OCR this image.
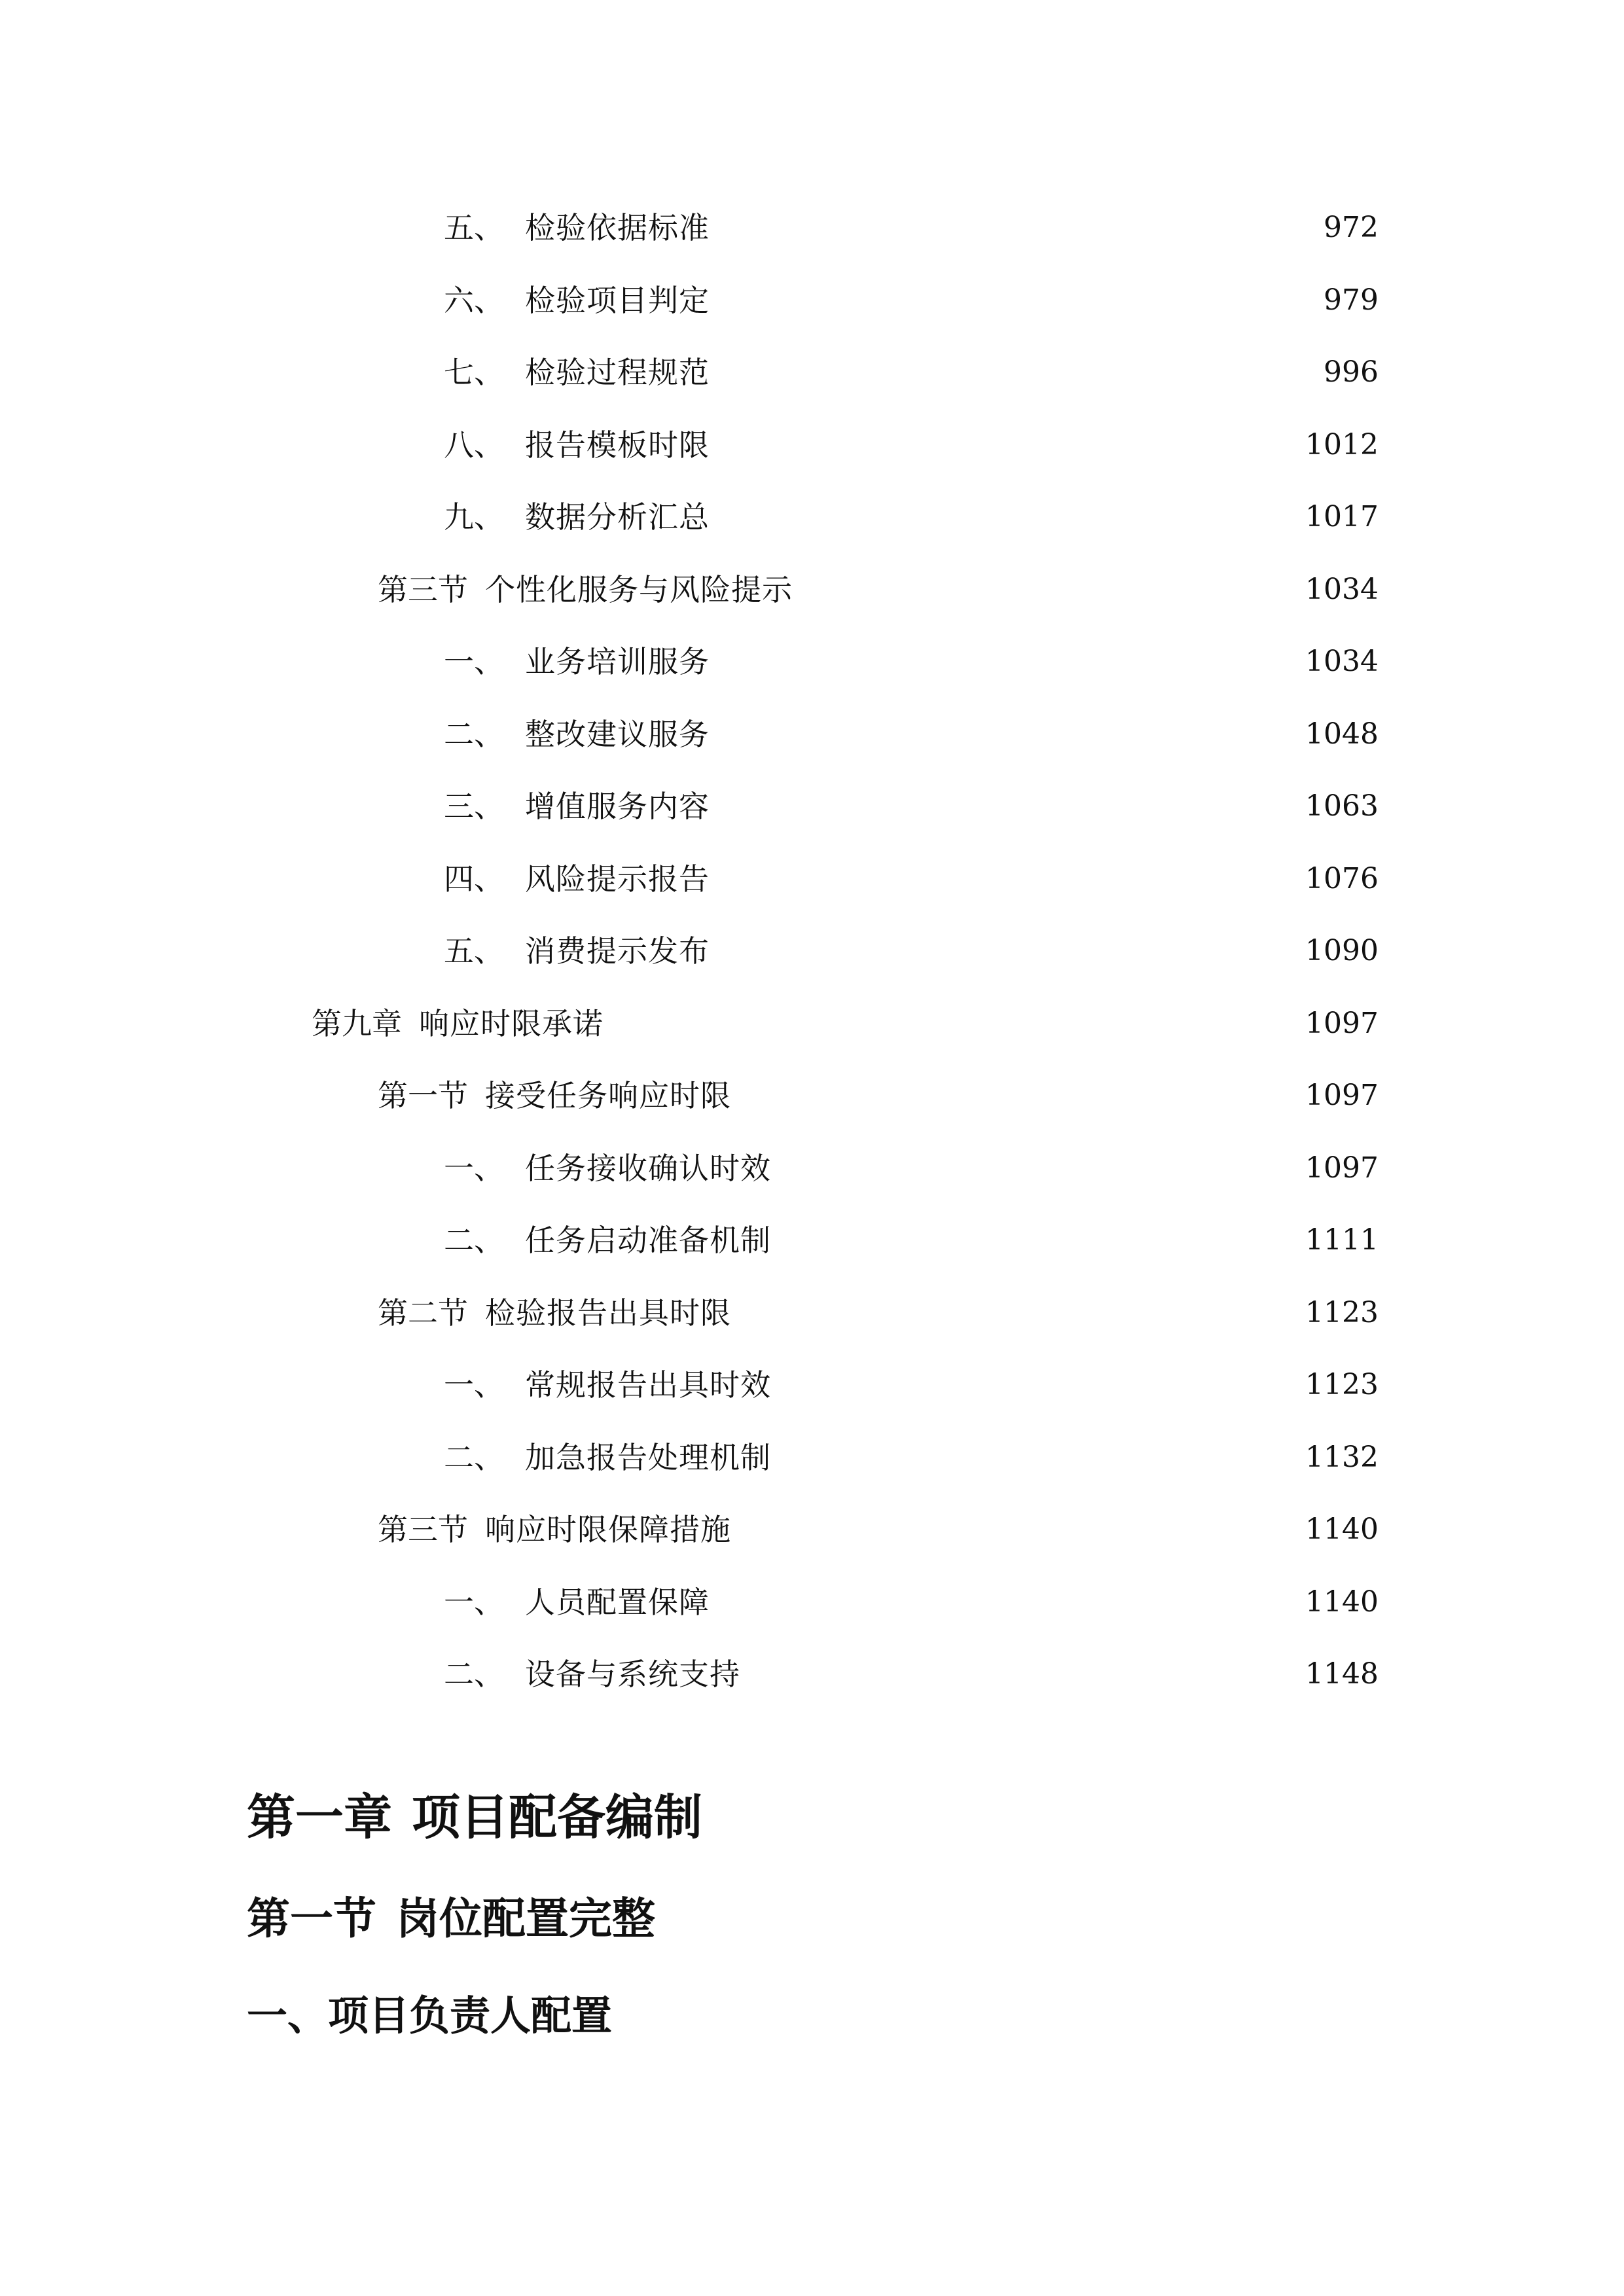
五、 检验依据标准	972
六、 检验项目判定	979
七、 检验过程规范	996
八、 报告模板时限	1012
九、 数据分析汇总	1017
第三节 个性化服务与风险提示	1034
一、 业务培训服务	1034
二、 整改建议服务	1048
三、 增值服务内容	1063
四、 风险提示报告	1076
五、 消费提示发布	1090
第九章 响应时限承诺	1097
第一节 接受任务响应时限	1097
一、 任务接收确认时效	1097
二、 任务启动准备机制	1111
第二节 检验报告出具时限	1123
一、 常规报告出具时效	1123
二、 加急报告处理机制	1132
第三节 响应时限保障措施	1140
一、 人员配置保障	1140
二、 设备与系统支持	1148
第一章 项目配备编制
第一节 岗位配置完整
一、项目负责人配置
